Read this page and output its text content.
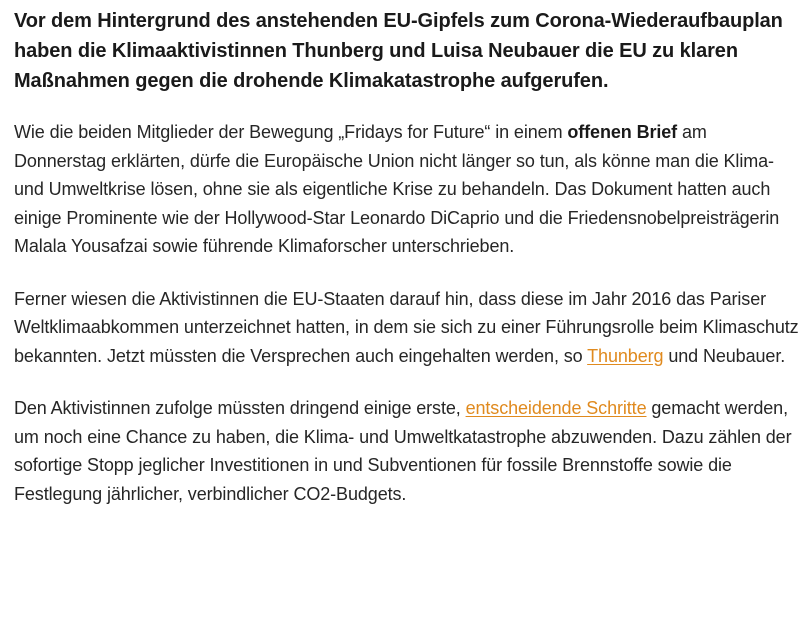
Vor dem Hintergrund des anstehenden EU-Gipfels zum Corona-Wiederaufbauplan haben die Klimaaktivistinnen Thunberg und Luisa Neubauer die EU zu klaren Maßnahmen gegen die drohende Klimakatastrophe aufgerufen.

Wie die beiden Mitglieder der Bewegung „Fridays for Future“ in einem offenen Brief am Donnerstag erklärten, dürfe die Europäische Union nicht länger so tun, als könne man die Klima- und Umweltkrise lösen, ohne sie als eigentliche Krise zu behandeln. Das Dokument hatten auch einige Prominente wie der Hollywood-Star Leonardo DiCaprio und die Friedensnobelpreisträgerin Malala Yousafzai sowie führende Klimaforscher unterschrieben.

Ferner wiesen die Aktivistinnen die EU-Staaten darauf hin, dass diese im Jahr 2016 das Pariser Weltklimaabkommen unterzeichnet hatten, in dem sie sich zu einer Führungsrolle beim Klimaschutz bekannten. Jetzt müssten die Versprechen auch eingehalten werden, so Thunberg und Neubauer.

Den Aktivistinnen zufolge müssten dringend einige erste, entscheidende Schritte gemacht werden, um noch eine Chance zu haben, die Klima- und Umweltkatastrophe abzuwenden. Dazu zählen der sofortige Stopp jeglicher Investitionen in und Subventionen für fossile Brennstoffe sowie die Festlegung jährlicher, verbindlicher CO2-Budgets.
